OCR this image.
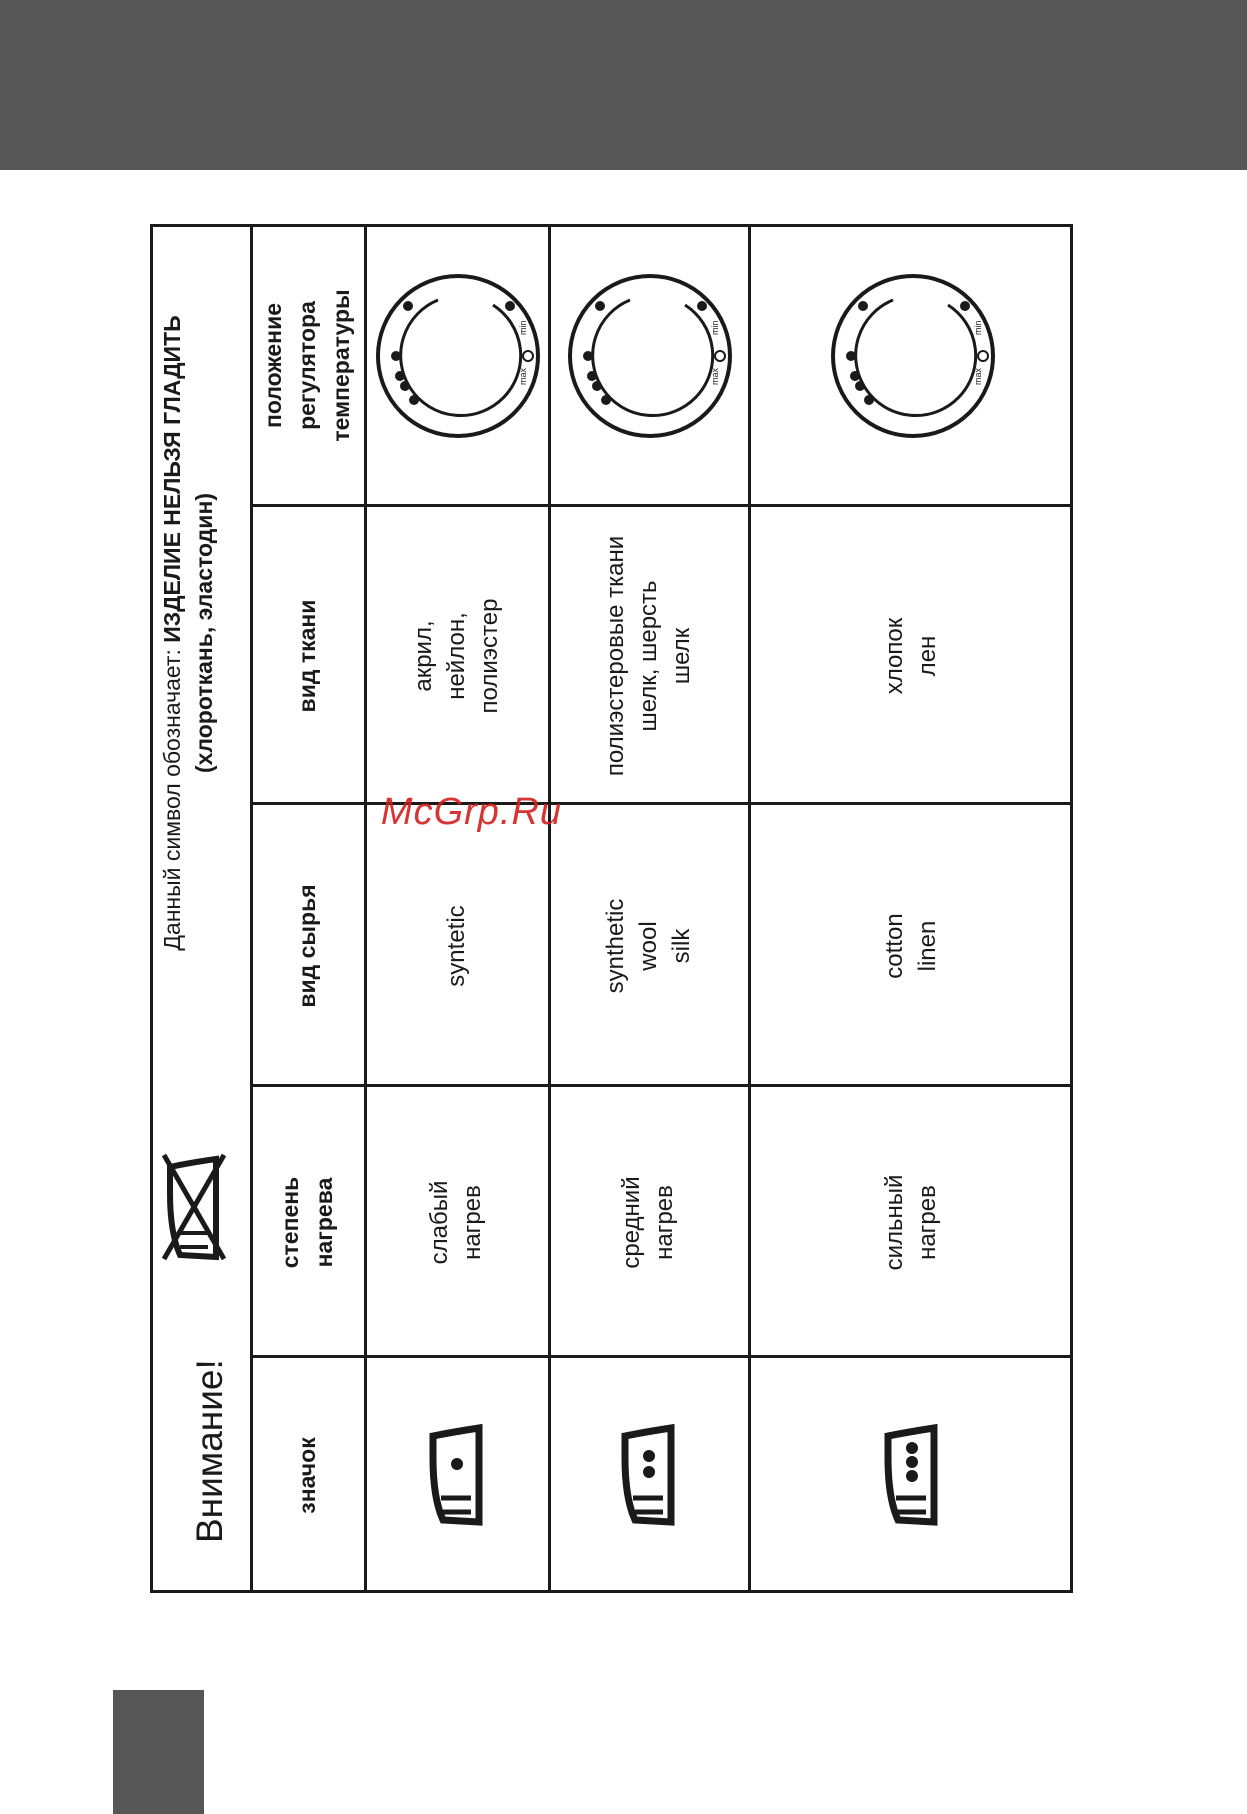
Внимание!
Данный символ обозначает: ИЗДЕЛИЕ НЕЛЬЗЯ ГЛАДИТЬ (хлороткань, эластодин)
значок
степень
нагрева
вид сырья
вид ткани
положение
регулятора
температуры
слабый
нагрев
syntetic
акрил,
нейлон,
полиэстер
min
max
средний
нагрев
synthetic
wool
silk
полиэстеровые ткани
шелк, шерсть
шелк
min
max
сильный
нагрев
cotton
linen
хлопок
лен
min
max
McGrp.Ru
